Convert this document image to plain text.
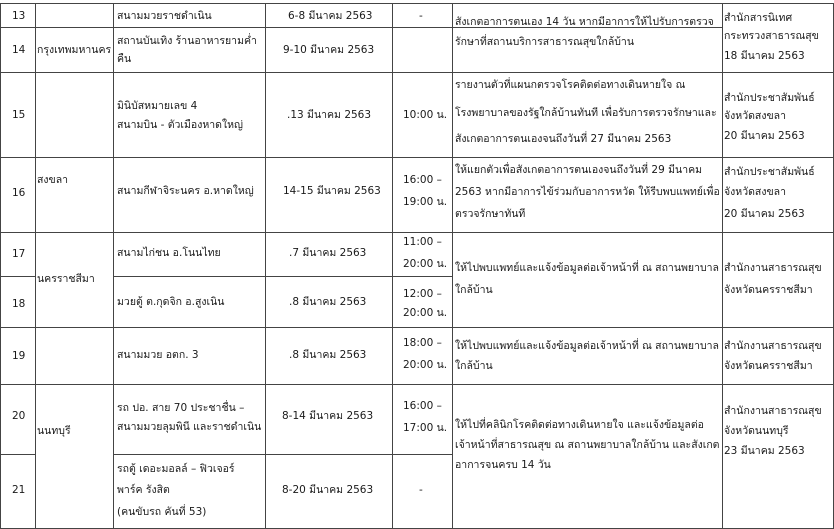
13
14
15
16
17
18
19
20
21
กรุงเทพมหานคร
สงขลา
นครราชสีมา
นนทบุรี
สนามมวยราชดำเนิน
สถานบันเทิง ร้านอาหารยามค่ำ
คืน
มินิบัสหมายเลข 4
สนามบิน - ตัวเมืองหาดใหญ่
สนามกีฬาจิระนคร อ.หาดใหญ่
สนามไก่ชน อ.โนนไทย
มวยตู้ ต.กุดจิก อ.สูงเนิน
สนามมวย อตก. 3
รถ ปอ. สาย 70 ประชาชื่น –
สนามมวยลุมพินี และราชดำเนิน
รถตู้ เดอะมอลล์ – ฟิวเจอร์
พาร์ค รังสิต
(คนขับรถ คันที่ 53)
6-8 มีนาคม 2563
9-10 มีนาคม 2563
.13 มีนาคม 2563
14-15 มีนาคม 2563
.7 มีนาคม 2563
.8 มีนาคม 2563
.8 มีนาคม 2563
8-14 มีนาคม 2563
8-20 มีนาคม 2563
-
10:00 น.
16:00 –
19:00 น.
11:00 –
20:00 น.
12:00 –
20:00 น.
18:00 –
20:00 น.
16:00 –
17:00 น.
-
สังเกตอาการตนเอง 14 วัน หากมีอาการให้ไปรับการตรวจ
รักษาที่สถานบริการสาธารณสุขใกล้บ้าน
รายงานตัวที่แผนกตรวจโรคติดต่อทางเดินหายใจ ณ
โรงพยาบาลของรัฐใกล้บ้านทันที เพื่อรับการตรวจรักษาและ
สังเกตอาการตนเองจนถึงวันที่ 27 มีนาคม 2563
ให้แยกตัวเพื่อสังเกตอาการตนเองจนถึงวันที่ 29 มีนาคม
2563 หากมีอาการไข้ร่วมกับอาการหวัด ให้รีบพบแพทย์เพื่อ
ตรวจรักษาทันที
ให้ไปพบแพทย์และแจ้งข้อมูลต่อเจ้าหน้าที่ ณ สถานพยาบาล
ใกล้บ้าน
ให้ไปพบแพทย์และแจ้งข้อมูลต่อเจ้าหน้าที่ ณ สถานพยาบาล
ใกล้บ้าน
ให้ไปที่คลินิกโรคติดต่อทางเดินหายใจ และแจ้งข้อมูลต่อ
เจ้าหน้าที่สาธารณสุข ณ สถานพยาบาลใกล้บ้าน และสังเกต
อาการจนครบ 14 วัน
สำนักสารนิเทศ
กระทรวงสาธารณสุข
18 มีนาคม 2563
สำนักประชาสัมพันธ์
จังหวัดสงขลา
20 มีนาคม 2563
สำนักประชาสัมพันธ์
จังหวัดสงขลา
20 มีนาคม 2563
สำนักงานสาธารณสุข
จังหวัดนครราชสีมา
สำนักงานสาธารณสุข
จังหวัดนครราชสีมา
สำนักงานสาธารณสุข
จังหวัดนนทบุรี
23 มีนาคม 2563
